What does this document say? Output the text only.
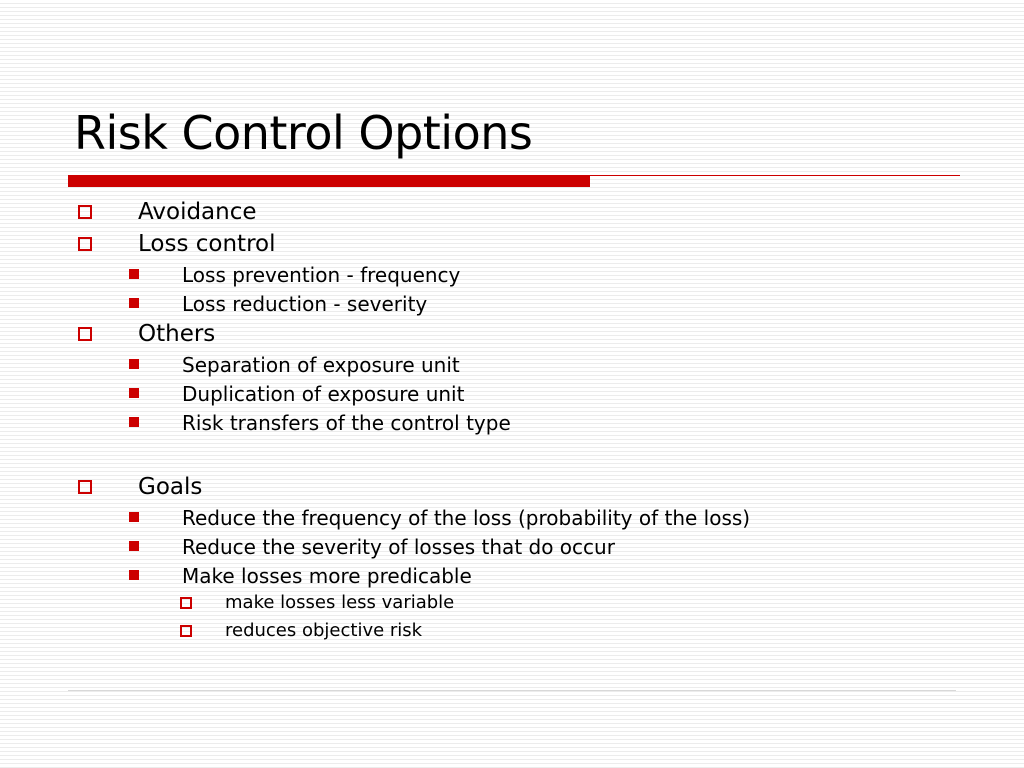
Risk Control Options
Avoidance
Loss control
Loss prevention - frequency
Loss reduction - severity
Others
Separation of exposure unit
Duplication of exposure unit
Risk transfers of the control type
Goals
Reduce the frequency of the loss (probability of the loss)
Reduce the severity of losses that do occur
Make losses more predicable
make losses less variable
reduces objective risk
